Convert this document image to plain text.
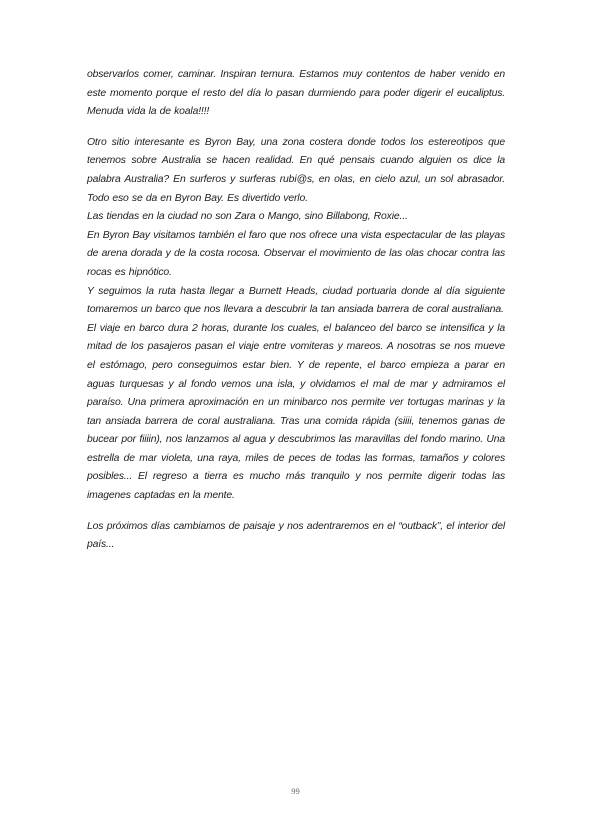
observarlos comer, caminar. Inspiran ternura. Estamos muy contentos de haber venido en este momento porque el resto del día lo pasan durmiendo para poder digerir el eucaliptus. Menuda vida la de koala!!!!

Otro sitio interesante es Byron Bay, una zona costera donde todos los estereotipos que tenemos sobre Australia se hacen realidad. En qué pensais cuando alguien os dice la palabra Australia? En surferos y surferas rubi@s, en olas, en cielo azul, un sol abrasador. Todo eso se da en Byron Bay. Es divertido verlo.

Las tiendas en la ciudad no son Zara o Mango, sino Billabong, Roxie...

En Byron Bay visitamos también el faro que nos ofrece una vista espectacular de las playas de arena dorada y de la costa rocosa. Observar el movimiento de las olas chocar contra las rocas es hipnótico.

Y seguimos la ruta hasta llegar a Burnett Heads, ciudad portuaria donde al día siguiente tomaremos un barco que nos llevara a descubrir la tan ansiada barrera de coral australiana.

El viaje en barco dura 2 horas, durante los cuales, el balanceo del barco se intensifica y la mitad de los pasajeros pasan el viaje entre vomiteras y mareos. A nosotras se nos mueve el estómago, pero conseguimos estar bien. Y de repente, el barco empieza a parar en aguas turquesas y al fondo vemos una isla, y olvidamos el mal de mar y admiramos el paraíso. Una primera aproximación en un minibarco nos permite ver tortugas marinas y la tan ansiada barrera de coral australiana. Tras una comida rápida (siiii, tenemos ganas de bucear por fiiiin), nos lanzamos al agua y descubrimos las maravillas del fondo marino. Una estrella de mar violeta, una raya, miles de peces de todas las formas, tamaños y colores posibles... El regreso a tierra es mucho más tranquilo y nos permite digerir todas las imagenes captadas en la mente.

Los próximos días cambiamos de paisaje y nos adentraremos en el “outback”, el interior del país...

99
